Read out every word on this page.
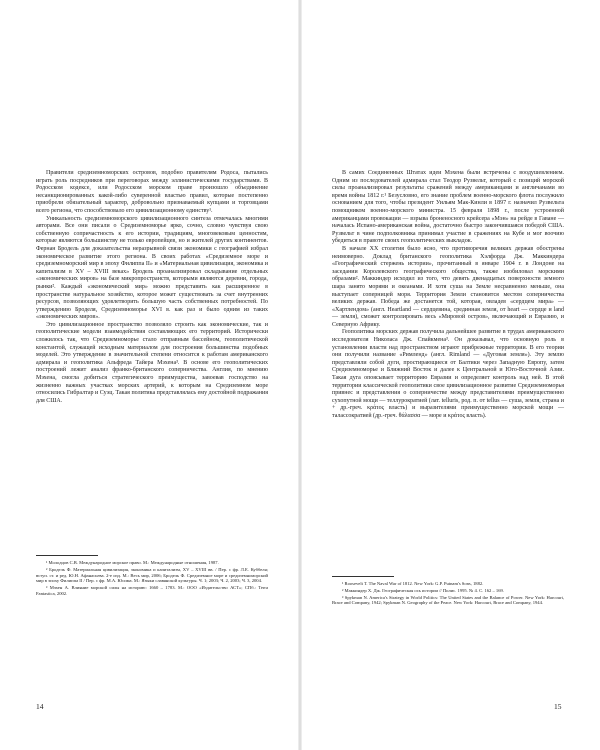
Правители средиземноморских островов, подобно правителям Родоса, пытались играть роль посредников при переговорах между эллинистическими государствами. В Родосском кодексе, или Родосском морском праве произошло объединение несанкционированных какой-либо суверенной властью правил, которые постепенно приобрели обязательный характер, добровольно признаваемый купцами и торговцами всего региона, что способствовало его цивилизационному единству¹.

Уникальность средиземноморского цивилизационного синтеза отмечалась многими авторами. Все они писали о Средиземноморье ярко, сочно, словно чувствуя свою собственную сопричастность к его истории, традициям, многовековым ценностям, которые являются большинству не только европейцев, но и жителей других континентов. Фернан Бродель для доказательства неразрывной связи экономики с географией избрал экономическое развитие этого региона. В своих работах «Средиземное море и средиземноморский мир в эпоху Филиппа II» и «Материальная цивилизация, экономика и капитализм в XV – XVIII веках» Бродель проанализировал складывание отдельных «экономических миров» на базе микропространств, которыми являются деревни, города, рынки². Каждый «экономический мир» можно представить как расширенное в пространстве натуральное хозяйство, которое может существовать за счет внутренних ресурсов, позволяющих удовлетворить большую часть собственных потребностей. По утверждению Броделя, Средиземноморье XVI в. как раз и было одним из таких «экономических миров».

Это цивилизационное пространство позволяло строить как экономические, так и геополитические модели взаимодействия составляющих его территорий. Исторически сложилось так, что Средиземноморье стало отправным бассейном, геополитической константой, служащей исходным материалом для построения большинства подобных моделей. Это утверждение в значительной степени относится к работам американского адмирала и геополитика Альфреда Тайера Мэхена³. В основе его геополитических построений лежит анализ франко-британского соперничества. Англия, по мнению Мэхена, смогла добиться стратегического преимущества, завоевав господство на жизненно важных участках морских артерий, к которым на Средиземном море относились Гибралтар и Суэц. Такая политика представлялась ему достойной подражания для США.

¹ Молодцов С.В. Международное морское право. М.: Международные отношения, 1987.

² Бродель Ф. Материальная цивилизация, экономика и капитализм, XV – XVIII вв. / Пер. с фр. Л.Е. Куббеля; вступ. ст. и ред. Ю.Н. Афанасьева. 2-е изд. М.: Весь мир, 2006; Бродель Ф. Средиземное море и средиземноморский мир в эпоху Филиппа II / Пер. с фр. М.А. Юсима. М.: Языки славянской культуры. Ч. 1; 2003; Ч. 2, 2003; Ч. 3, 2004.

³ Мэхен А. Влияние морской силы на историю: 1660 – 1783. М.: ООО «Издательство АСТ»; СПб.: Terra Fantastica, 2002.

14

В самих Соединенных Штатах идеи Мэхена были встречены с воодушевлением. Одним из последователей адмирала стал Теодор Рузвельт, который с позиций морской силы проанализировал результаты сражений между американцами и англичанами во время войны 1812 г.¹ Безусловно, его знание проблем военно-морского флота послужило основанием для того, чтобы президент Уильям Мак-Кинли в 1897 г. назначил Рузвельта помощником военно-морского министра. 15 февраля 1898 г., после устроенной американцами провокации — взрыва броненосного крейсера «Мэн» на рейде в Гаване — началась Испано-американская война, достаточно быстро закончившаяся победой США. Рузвельт в чине подполковника принимал участие в сражениях на Кубе и мог воочию убедиться в правоте своих геополитических выкладок.

В начале XX столетия было ясно, что противоречия великих держав обострены неимоверно. Доклад британского геополитика Хэлфорда Дж. Маккиндера «Географический стержень истории», прочитанный в январе 1904 г. в Лондоне на заседании Королевского географического общества, также изобиловал морскими образами². Маккиндер исходил из того, что девять двенадцатых поверхности земного шара занято морями и океанами. И хотя суша на Земле несравненно меньше, она выступает соперницей моря. Территория Земли становится местом соперничества великих держав. Победа же достанется той, которая, овладев «сердцем мира» — «Хартлендом» (англ. Heartland — сердцевина, срединная земля, от heart — сердце и land — земля), сможет контролировать весь «Мировой остров», включающий и Евразию, и Северную Африку.

Геополитика морских держав получила дальнейшее развитие в трудах американского исследователя Николаса Дж. Спайкмена³. Он доказывал, что основную роль в установлении власти над пространством играют прибрежные территории. В его теории они получили название «Римленд» (англ. Rimland — «Дуговая земля»). Эту землю представляли собой дуги, простирающиеся от Балтики через Западную Европу, затем Средиземноморье и Ближний Восток и далее к Центральной и Юго-Восточной Азии. Такая дуга опоясывает территорию Евразии и определяет контроль над ней. В этой территории классической геополитики свое цивилизационное развитие Средиземноморья привнес и представления о соперничестве между представителями преимущественно сухопутной мощи — теллурократией (лат. telluris, род. п. от tellus — суша, земля, страна и + др.-греч. κράτος власть) и выразителями преимущественно морской мощи — талассократией (др.-греч. θάλασσα — море и κράτος власть).

¹ Roosevelt T. The Naval War of 1812. New York: G.P. Putnam's Sons, 1882.

² Маккиндер Х. Дж. Географическая ось истории // Полис. 1995. № 4. С. 162 – 169.

³ Spykman N. America's Strategy in World Politics: The United States and the Balance of Power. New York: Harcourt, Brace and Company, 1942; Spykman N. Geography of the Peace. New York: Harcourt, Brace and Company, 1944.

15
